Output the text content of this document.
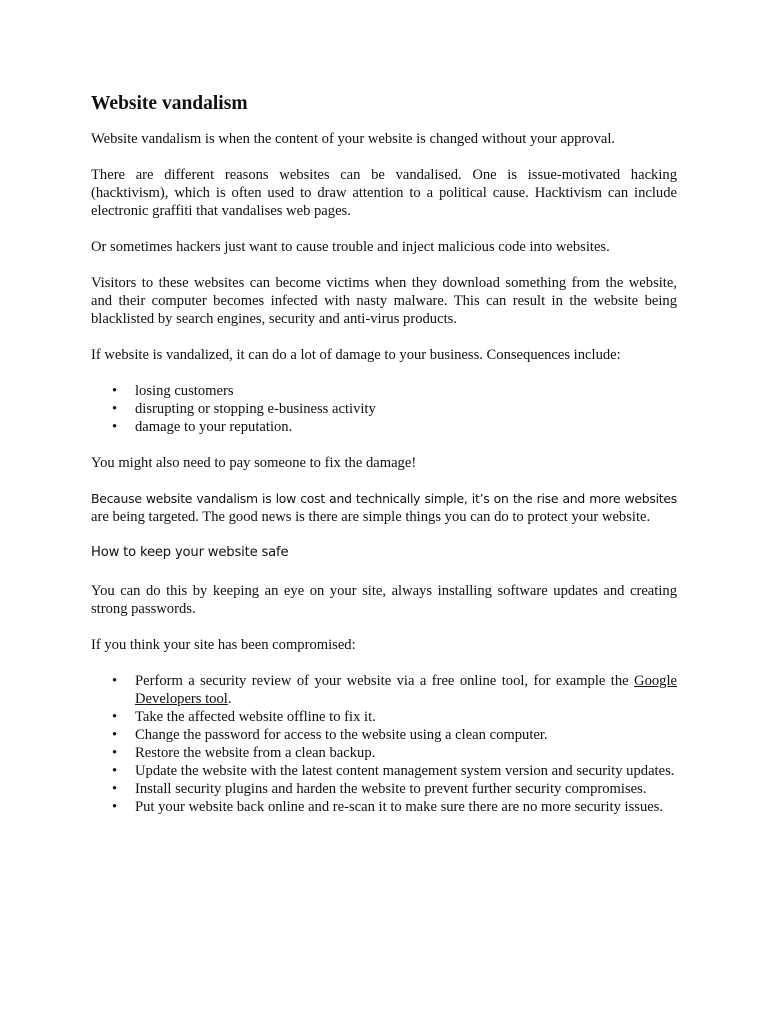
Website vandalism

Website vandalism is when the content of your website is changed without your approval.

There are different reasons websites can be vandalised. One is issue-motivated hacking (hacktivism), which is often used to draw attention to a political cause. Hacktivism can include electronic graffiti that vandalises web pages.

Or sometimes hackers just want to cause trouble and inject malicious code into websites.

Visitors to these websites can become victims when they download something from the website, and their computer becomes infected with nasty malware. This can result in the website being blacklisted by search engines, security and anti-virus products.

If website is vandalized, it can do a lot of damage to your business. Consequences include:

• losing customers
• disrupting or stopping e-business activity
• damage to your reputation.

You might also need to pay someone to fix the damage!

Because website vandalism is low cost and technically simple, it’s on the rise and more websites are being targeted. The good news is there are simple things you can do to protect your website.

How to keep your website safe

You can do this by keeping an eye on your site, always installing software updates and creating strong passwords.

If you think your site has been compromised:

• Perform a security review of your website via a free online tool, for example the Google Developers tool.
• Take the affected website offline to fix it.
• Change the password for access to the website using a clean computer.
• Restore the website from a clean backup.
• Update the website with the latest content management system version and security updates.
• Install security plugins and harden the website to prevent further security compromises.
• Put your website back online and re-scan it to make sure there are no more security issues.
